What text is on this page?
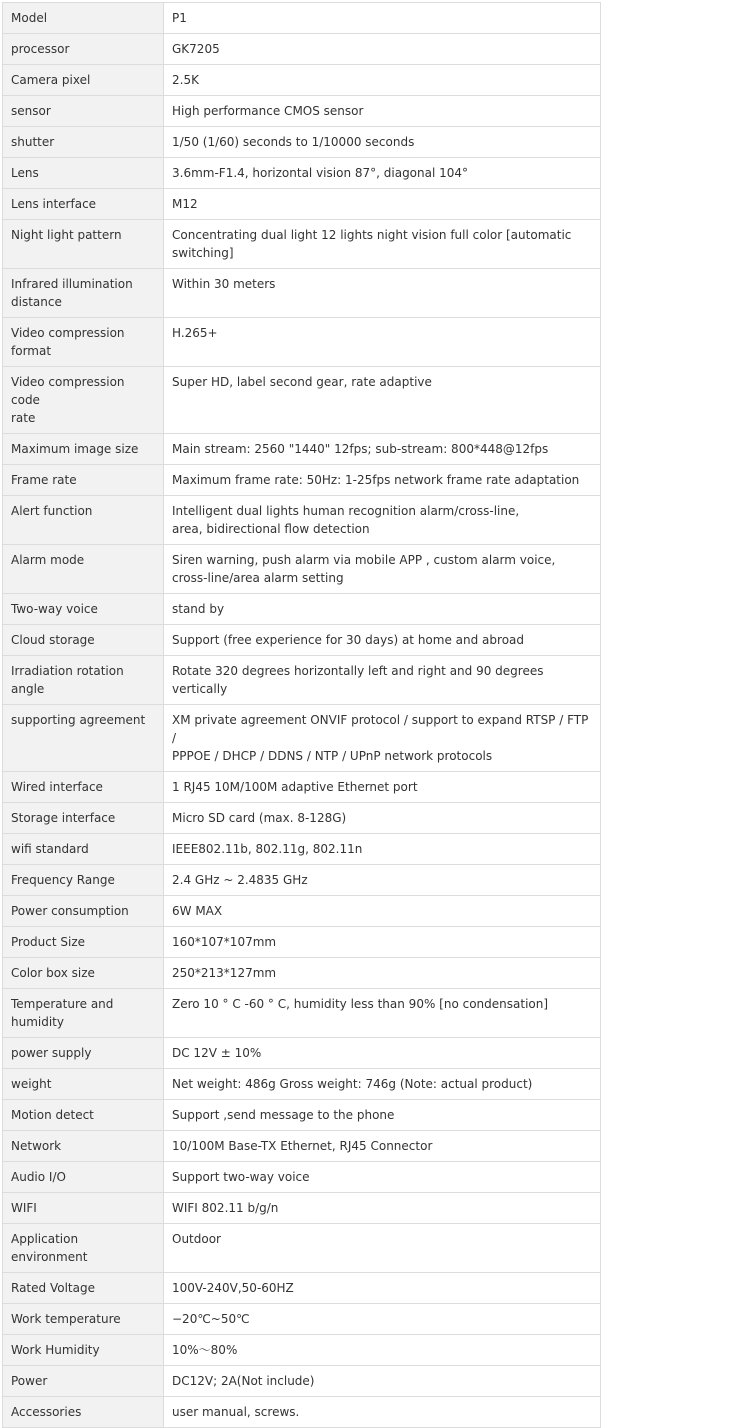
Model	P1
processor	GK7205
Camera pixel	2.5K
sensor	High performance CMOS sensor
shutter	1/50 (1/60) seconds to 1/10000 seconds
Lens	3.6mm-F1.4, horizontal vision 87°, diagonal 104°
Lens interface	M12
Night light pattern	Concentrating dual light 12 lights night vision full color [automatic switching]
Infrared illumination
distance	Within 30 meters
Video compression format	H.265+
Video compression code
rate	Super HD, label second gear, rate adaptive
Maximum image size	Main stream: 2560 "1440" 12fps; sub-stream: 800*448@12fps
Frame rate	Maximum frame rate: 50Hz: 1-25fps network frame rate adaptation
Alert function	Intelligent dual lights human recognition alarm/cross-line,
area, bidirectional flow detection
Alarm mode	Siren warning, push alarm via mobile APP , custom alarm voice,
cross-line/area alarm setting
Two-way voice	stand by
Cloud storage	Support (free experience for 30 days) at home and abroad
Irradiation rotation angle	Rotate 320 degrees horizontally left and right and 90 degrees vertically
supporting agreement	XM private agreement ONVIF protocol / support to expand RTSP / FTP /
PPPOE / DHCP / DDNS / NTP / UPnP network protocols
Wired interface	1 RJ45 10M/100M adaptive Ethernet port
Storage interface	Micro SD card (max. 8-128G)
wifi standard	IEEE802.11b, 802.11g, 802.11n
Frequency Range	2.4 GHz ~ 2.4835 GHz
Power consumption	6W MAX
Product Size	160*107*107mm
Color box size	250*213*127mm
Temperature and humidity	Zero 10 ° C -60 ° C, humidity less than 90% [no condensation]
power supply	DC 12V ± 10%
weight	Net weight: 486g Gross weight: 746g (Note: actual product)
Motion detect	Support ,send message to the phone
Network	10/100M Base-TX Ethernet, RJ45 Connector
Audio I/O	Support two-way voice
WIFI	WIFI 802.11 b/g/n
Application environment	Outdoor
Rated Voltage	100V-240V,50-60HZ
Work temperature	−20℃~50℃
Work Humidity	10%～80%
Power	DC12V; 2A(Not include)
Accessories	user manual, screws.
